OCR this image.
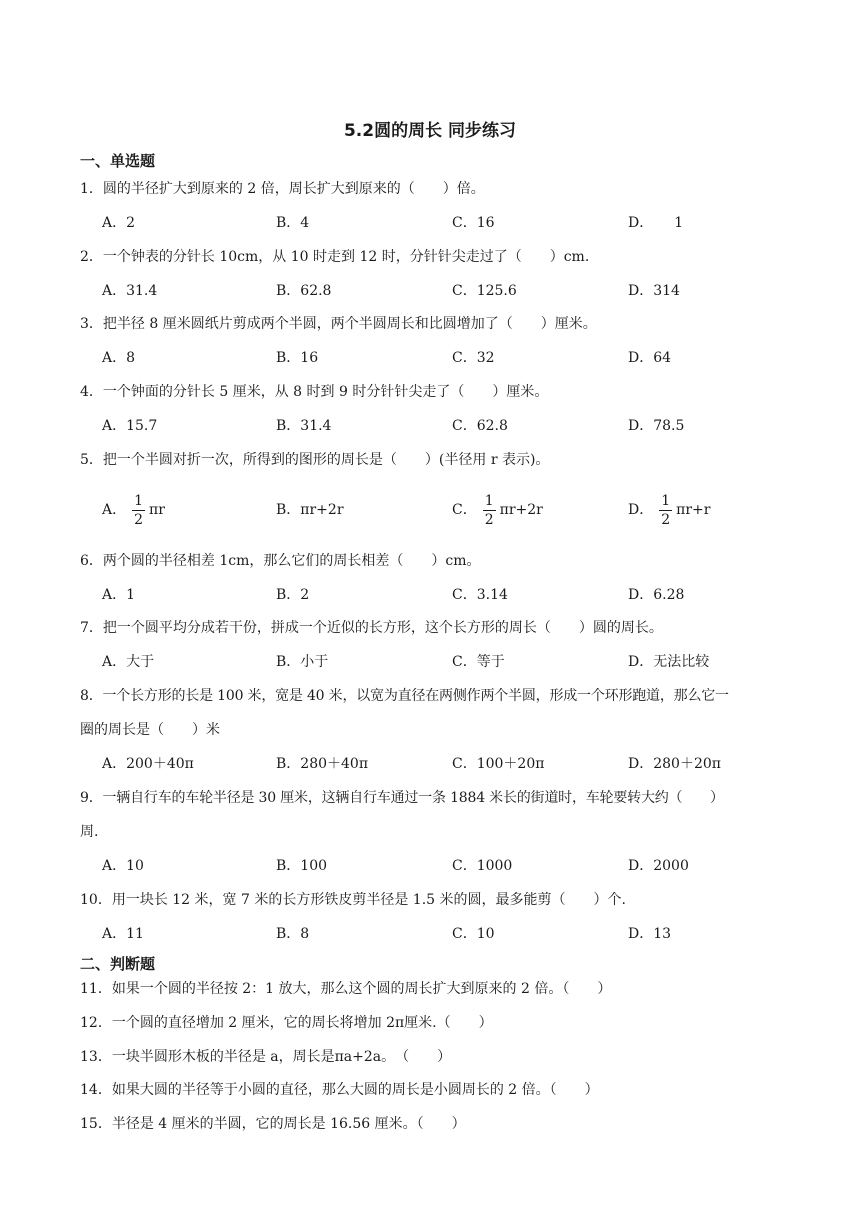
5.2圆的周长 同步练习
一、单选题
1．圆的半径扩大到原来的 2 倍，周长扩大到原来的（　　）倍。
A．2	B．4	C．16	D．　　1
2．一个钟表的分针长 10cm，从 10 时走到 12 时，分针针尖走过了（　　）cm.
A．31.4	B．62.8	C．125.6	D．314
3．把半径 8 厘米圆纸片剪成两个半圆，两个半圆周长和比圆增加了（　　）厘米。
A．8	B．16	C．32	D．64
4．一个钟面的分针长 5 厘米，从 8 时到 9 时分针针尖走了（　　）厘米。
A．15.7	B．31.4	C．62.8	D．78.5
5．把一个半圆对折一次，所得到的图形的周长是（　　）(半径用 r 表示)。
A． $\frac{1}{2}$ πr	B．πr+2r	C． $\frac{1}{2} \pi r+2r$	D． $\frac{1}{2} \pi r+r$
6．两个圆的半径相差 1cm，那么它们的周长相差（　　）cm。
A．1	B．2	C．3.14	D．6.28
7．把一个圆平均分成若干份，拼成一个近似的长方形，这个长方形的周长（　　）圆的周长。
A．大于	B．小于	C．等于	D．无法比较
8．一个长方形的长是 100 米，宽是 40 米，以宽为直径在两侧作两个半圆，形成一个环形跑道，那么它一
圈的周长是（　　）米
A．200＋40π	B．280＋40π	C．100＋20π	D．280＋20π
9．一辆自行车的车轮半径是 30 厘米，这辆自行车通过一条 1884 米长的街道时，车轮要转大约（　　）
周.
A．10	B．100	C．1000	D．2000
10．用一块长 12 米，宽 7 米的长方形铁皮剪半径是 1.5 米的圆，最多能剪（　　）个.
A．11	B．8	C．10	D．13
二、判断题
11．如果一个圆的半径按 2：1 放大，那么这个圆的周长扩大到原来的 2 倍。（　　）
12．一个圆的直径增加 2 厘米，它的周长将增加 2π厘米.（　　）
13．一块半圆形木板的半径是 a，周长是πa+2a。　（　　）
14．如果大圆的半径等于小圆的直径，那么大圆的周长是小圆周长的 2 倍。（　　）
15．半径是 4 厘米的半圆，它的周长是 16.56 厘米。（　　）
